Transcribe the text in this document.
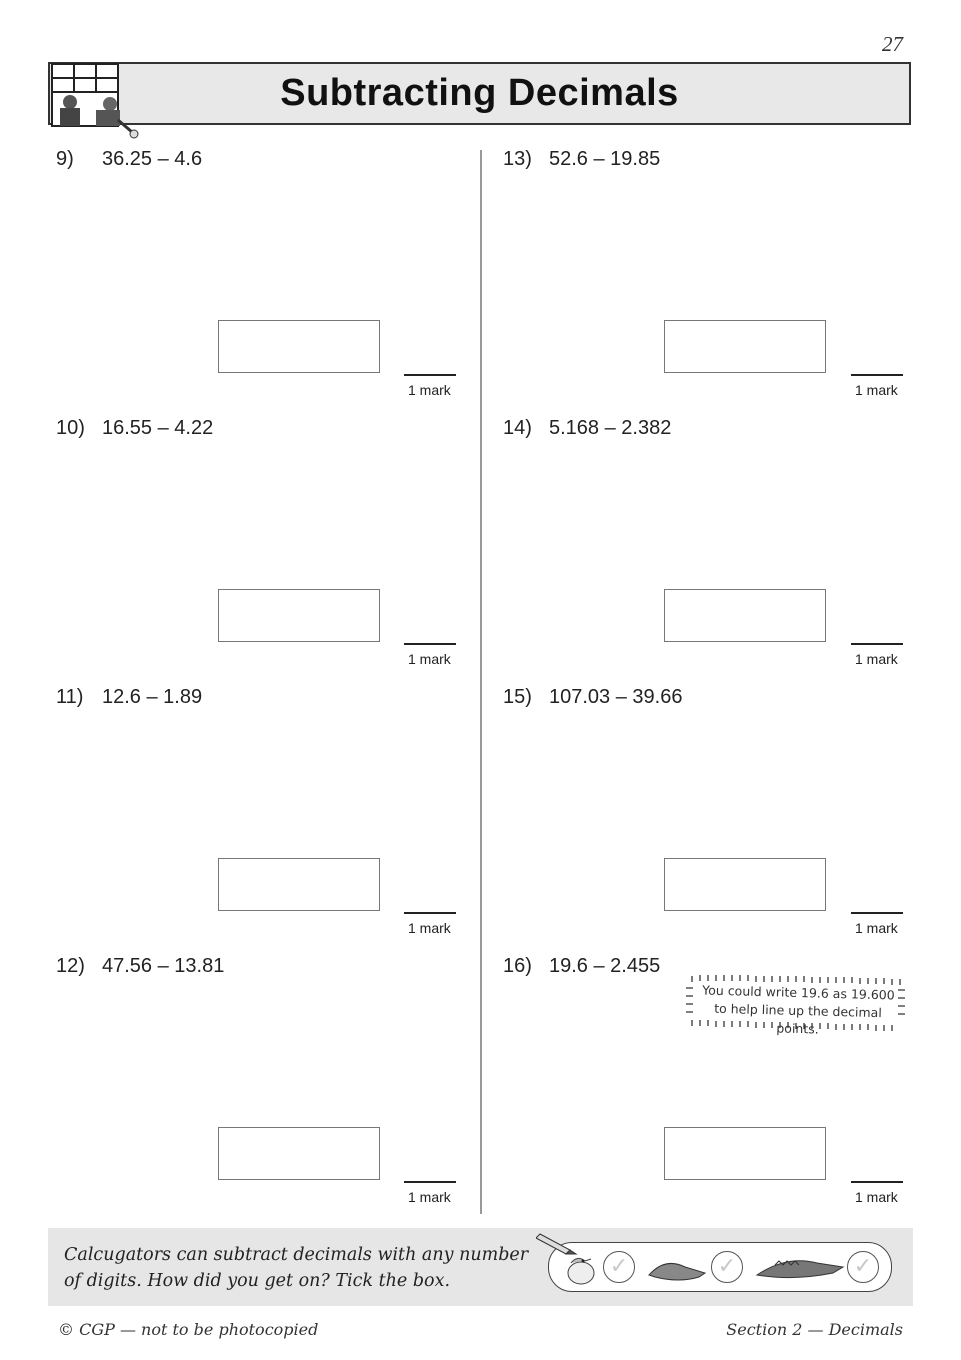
27
Subtracting Decimals
9) 36.25 – 4.6
1 mark
10) 16.55 – 4.22
1 mark
11) 12.6 – 1.89
1 mark
12) 47.56 – 13.81
1 mark
13) 52.6 – 19.85
1 mark
14) 5.168 – 2.382
1 mark
15) 107.03 – 39.66
1 mark
16) 19.6 – 2.455
1 mark
You could write 19.6 as 19.600 to help line up the decimal points.
Calcugators can subtract decimals with any number of digits. How did you get on? Tick the box.
✓	✓	✓
© CGP — not to be photocopied	Section 2 — Decimals
